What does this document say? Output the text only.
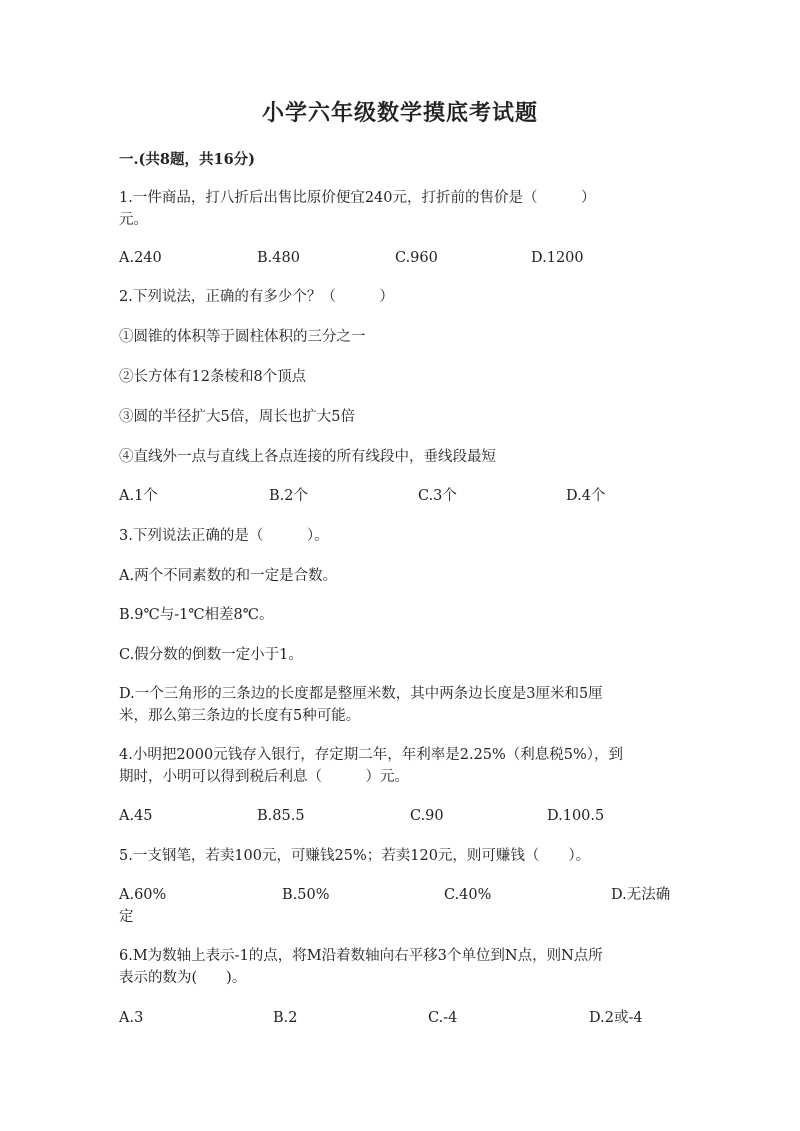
小学六年级数学摸底考试题
一.(共8题，共16分)
1.一件商品，打八折后出售比原价便宜240元，打折前的售价是（　　　）
元。
A.240	B.480	C.960	D.1200
2.下列说法，正确的有多少个？（　　　）
①圆锥的体积等于圆柱体积的三分之一
②长方体有12条棱和8个顶点
③圆的半径扩大5倍，周长也扩大5倍
④直线外一点与直线上各点连接的所有线段中，垂线段最短
A.1个	B.2个	C.3个	D.4个
3.下列说法正确的是（　　　）。
A.两个不同素数的和一定是合数。
B.9℃与-1℃相差8℃。
C.假分数的倒数一定小于1。
D.一个三角形的三条边的长度都是整厘米数，其中两条边长度是3厘米和5厘
米，那么第三条边的长度有5种可能。
4.小明把2000元钱存入银行，存定期二年，年利率是2.25%（利息税5%），到
期时，小明可以得到税后利息（　　　）元。
A.45	B.85.5	C.90	D.100.5
5.一支钢笔，若卖100元，可赚钱25%；若卖120元，则可赚钱（　　）。
A.60%	B.50%	C.40%	D.无法确
定
6.M为数轴上表示-1的点，将M沿着数轴向右平移3个单位到N点，则N点所
表示的数为(　　)。
A.3	B.2	C.-4	D.2或-4
